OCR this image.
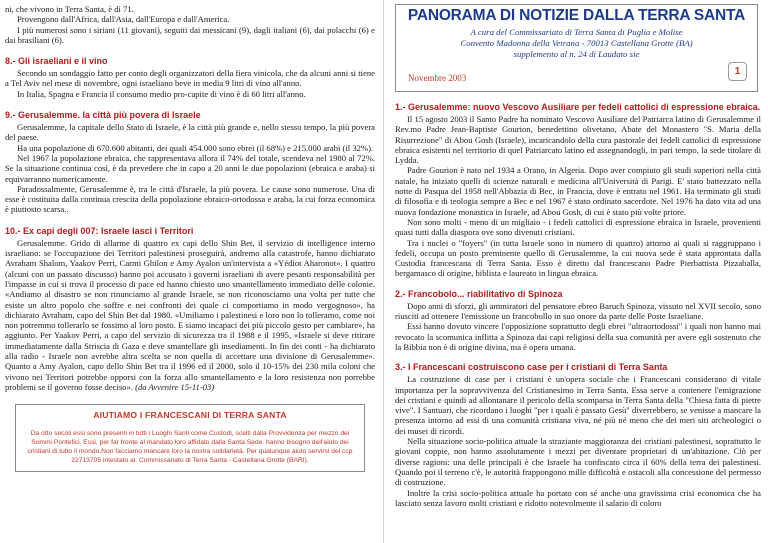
ni, che vivono in Terra Santa, è di 71.

Provengono dall'Africa, dall'Asia, dall'Europa e dall'America.

I più numerosi sono i siriani (11 giovani), seguiti dai messicani (9), dagli italiani (6), dai polacchi (6) e dai brasiliani (6).

8.- Gli israeliani e il vino

Secondo un sondaggio fatto per conto degli organizzatori della fiera vinicola, che da alcuni anni si tiene a Tel Aviv nel mese di novembre, ogni israeliano beve in media 9 litri di vino all'anno.

In Italia, Spagna e Francia il consumo medio pro-capite di vino è di 60 litri all'anno.

9.- Gerusalemme. la città più povera di Israele

Gerusalemme, la capitale dello Stato di Israele, è la città più grande e, nello stesso tempo, la più povera del paese.

Ha una popolazione di 670.600 abitanti, dei quali 454.000 sono ebrei (il 68%) e 215.000 arabi (il 32%).

Nel 1967 la popolazione ebraica, che rappresentava allora il 74% del totale, scendeva nel 1980 al 72%. Se la situazione continua così, è da prevedere che in capo a 20 anni le due popolazioni (ebraica e araba) si equivarranno numericamente.

Paradossalmente, Gerusalemme è, tra le città d'Israele, la più povera. Le cause sono numerose. Una di esse è costituita dalla continua crescita della popolazione ebraico-ortodossa e araba, la cui forza economica è piuttosto scarsa..

10.- Ex capi degli 007: Israele lasci i Territori

Gerusalemme. Grido di allarme di quattro ex capi dello Shin Bet, il servizio di intelligence interno israeliano: se l'occupazione dei Territori palestinesi proseguirà, andremo alla catastrofe, hanno dichiarato Avraham Shalom, Yaakov Perri, Carmi Ghilon e Amy Ayalon un'intervista a «Yédiot Aharonot». I quattro (alcuni con un passato discusso) hanno poi accusato i governi israeliani di avere pesanti responsabilità per l'impasse in cui si trova il processo di pace ed hanno chiesto uno smantellamento immediato delle colonie. «Andiamo al disastro se non rinunciamo al grande Israele, se non riconosciamo una volta per tutte che esiste un altro popolo che soffre e nei confronti dei quale ci comportiamo in modo vergognoso», ha dichiarato Avraham, capo del Shin Bet dal 1980. «Umiliamo i palestinesi e loro non lo tolleramo, come noi non potremmo tollerarlo se fossimo al loro posto. E siamo incapaci dei più piccolo gesto per cambiare», ha aggiunto. Per Yaakov Perri, a capo del servizio di sicurezza tra il 1988 e il 1995, «Israele si deve ritirare immediatamente dalla Striscia di Gaza e deve smantellare gli insediamenti. In fin dei conti - ha dichiarato alla radio - Israele non avrebbe altra scelta se non quella di accettare una divisione di Gerusalemme». Quanto a Amy Ayalon, capo dello Shin Bet tra il 1996 ed il 2000, solo il 10-15% dei 230 mila coloni che vivono nei Territori potrebbe opporsi con la forza allo smantellamento e la loro resistenza non porrebbe problemi se il governo fosse deciso». (da Avvenire 15-11-03)

AIUTIAMO I FRANCESCANI DI TERRA SANTA
Da otto secoli essi sono presenti in tutti i Luoghi Santi come Custodi, scelti dalla Provvidenza per mezzo dei Sommi Pontefici. Essi, per far fronte al mandato loro affidato dalla Santa Sede. hanno bisogno dell'aiuto dei cristiani di tutto il mondo.Non facciamo mancare loro la nostra solidarietà. Per qualunque aiuto servirsi del ccp 22713705 intestato al: Commissariato di Terra Santa - Castellana Grotte (BARI).
PANORAMA DI NOTIZIE DALLA TERRA SANTA
A cura del Commissariato di Terra Santa di Puglia e Molise
Convento Madonna della Vetrana - 70013 Castellana Grotte (BA)
supplemento al n. 24 di Laudato sie
Novembre 2003
1
1.- Gerusalemme: nuovo Vescovo Ausiliare per fedeli cattolici di espressione ebraica.

Il 15 agosto 2003 il Santo Padre ha nominato Vescovo Ausiliare del Patriarca latino di Gerusalemme il Rev.mo Padre Jean-Baptiste Gourion, benedettino olivetano, Abate del Monastero "S. Maria della Risurrezione" di Abou Gosh (Israele), incaricandolo della cura pastorale dei fedeli cattolici di espressione ebraica esistenti nel territorio di quel Patriarcato latino ed assegnandogli, in pari tempo, la sede titolare di Lydda.

Padre Gourion è nato nel 1934 a Orano, in Algeria. Dopo aver compiuto gli studi superiori nella città natale, ha iniziato quelli di scienze naturali e medicina all'Università di Parigi. E' stato battezzato nella notte di Pasqua del 1958 nell'Abbazia di Bec, in Francia, dove è entrato nel 1961. Ha terminato gli studi di filosofia e di teologia sempre a Bec e nel 1967 è stato ordinato sacerdote. Nel 1976 ha dato vita ad una nuova fondazione monastica in Israele, ad Abou Gosh, di cui è stato più volte priore.

Non sono molti - meno di un migliaio - i fedeli cattolici di espressione ebraica in Israele, provenienti quasi tutti dalla diaspora ove sono divenuti cristiani.

Tra i nuclei o "foyers" (in tutta Israele sono in numero di quattro) attorno ai quali si raggruppano i fedeli, occupa un posto preminente quello di Gerusalemme, la cui nuova sede è stata approntata dalla Custodia francescana di Terra Santa. Esso è diretto dal francescano Padre Pierbattista Pizzaballa, bergamasco di origine, biblista e laureato in lingua ebraica.

2.- Francobolo... riabilitativo di Spinoza

Dopo anni di sforzi, gli ammiratori del pensatore ebreo Baruch Spinoza, vissuto nel XVII secolo, sono riusciti ad ottenere l'emissione un francobollo in suo onore da parte delle Poste Israeliane.

Essi hanno dovuto vincere l'opposizione soprattutto degli ebrei "ultraortodossi" i quali non hanno mai revocato la scomunica inflitta a Spinoza dai capi religiosi della sua comunità per avere egli sostenuto che la Bibbia non è di origine divina, ma è opera umana.

3.- I Francescani costruiscono case per i cristiani di Terra Santa

La costruzione di case per i cristiani è un'opera sociale che i Francescani considerano di vitale importanza per la sopravvivenza del Cristianesimo in Terra Santa. Essa serve a contenere l'emigrazione dei cristiani e quindi ad allontanare il pericolo della scomparsa in Terra Santa della "Chiesa fatta di pietre vive". I Santuari, che ricordano i luoghi "per i quali è passato Gesù" diverrebbero, se venisse a mancare la presenza intorno ad essi di una comunità cristiana viva, né più né meno che dei meri siti archeologici o dei musei di ricordi.

Nella situazione socio-politica attuale la straziante maggioranza dei cristiani palestinesi, soprattutto le giovani coppie, non hanno assolutamente i mezzi per diventare proprietari di un'abitazione. Ciò per diverse ragioni: una delle principali è che Israele ha confiscato circa il 60% della terra dei palestinesi. Quando poi il terreno c'è, le autorità frappongono mille difficoltà e ostacoli alla concessione del permesso di costruzione.

Inoltre la crisi socio-politica attuale ha portato con sé anche una gravissima crisi economica che ha lasciato senza lavoro molti cristiani e ridotto notevolmente il salario di coloro
